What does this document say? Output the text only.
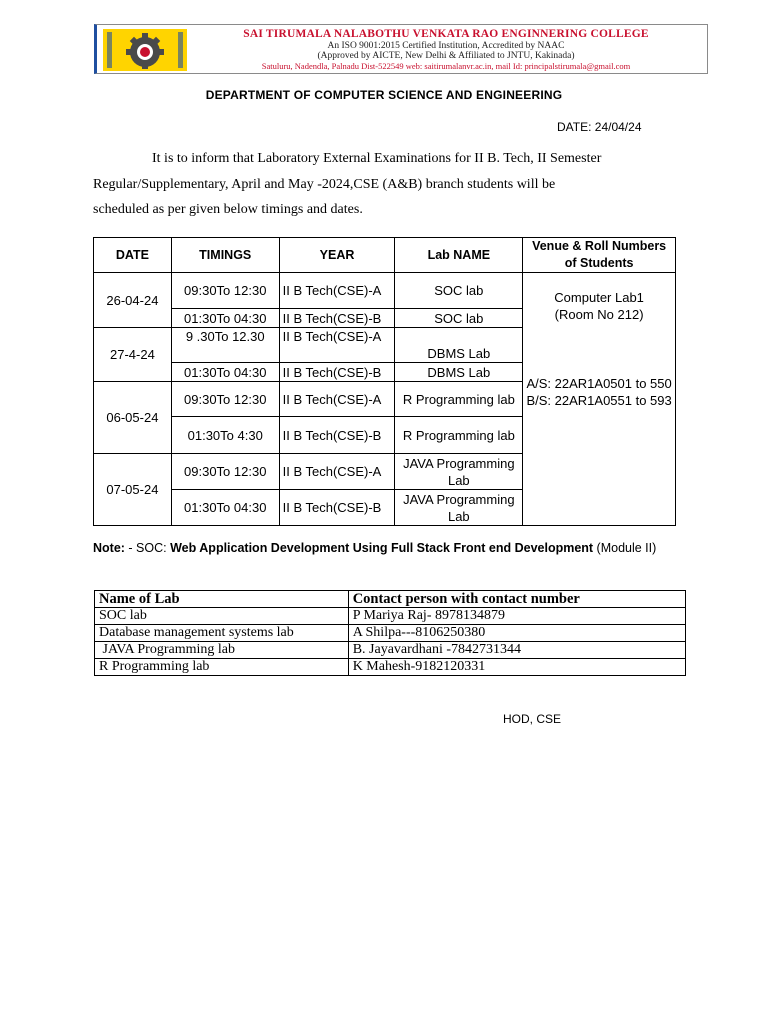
SAI TIRUMALA NALABOTHU VENKATA RAO ENGINNERING COLLEGE
An ISO 9001:2015 Certified Institution, Accredited by NAAC
(Approved by AICTE, New Delhi & Affiliated to JNTU, Kakinada)
Satuluru, Nadendla, Palnadu Dist-522549 web: saitirumalanvr.ac.in, mail Id: principalstirumala@gmail.com
DEPARTMENT OF COMPUTER SCIENCE AND ENGINEERING
DATE: 24/04/24
It is to inform that Laboratory External Examinations for II B. Tech, II Semester
Regular/Supplementary, April and May -2024,CSE (A&B) branch students will be
scheduled as per given below timings and dates.
DATE	TIMINGS	YEAR	Lab NAME	Venue & Roll Numbers of Students
26-04-24	09:30To 12:30	II B Tech(CSE)-A	SOC lab	Computer Lab1
(Room No 212)
A/S: 22AR1A0501 to 550
B/S: 22AR1A0551 to 593

	01:30To 04:30	II B Tech(CSE)-B	SOC lab	
27-4-24	9 .30To 12.30	II B Tech(CSE)-A	DBMS Lab	
	01:30To 04:30	II B Tech(CSE)-B	DBMS Lab	
06-05-24	09:30To 12:30	II B Tech(CSE)-A	R Programming lab	
	01:30To 4:30	II B Tech(CSE)-B	R Programming lab	
07-05-24	09:30To 12:30	II B Tech(CSE)-A	JAVA Programming Lab	
	01:30To 04:30	II B Tech(CSE)-B	JAVA Programming Lab	
Note: - SOC: Web Application Development Using Full Stack Front end Development (Module II)
Name of Lab	Contact person with contact number
SOC lab	P Mariya Raj- 8978134879
Database management systems lab	A Shilpa---8106250380
JAVA Programming lab	B. Jayavardhani -7842731344
R Programming lab	K Mahesh-9182120331
HOD, CSE
